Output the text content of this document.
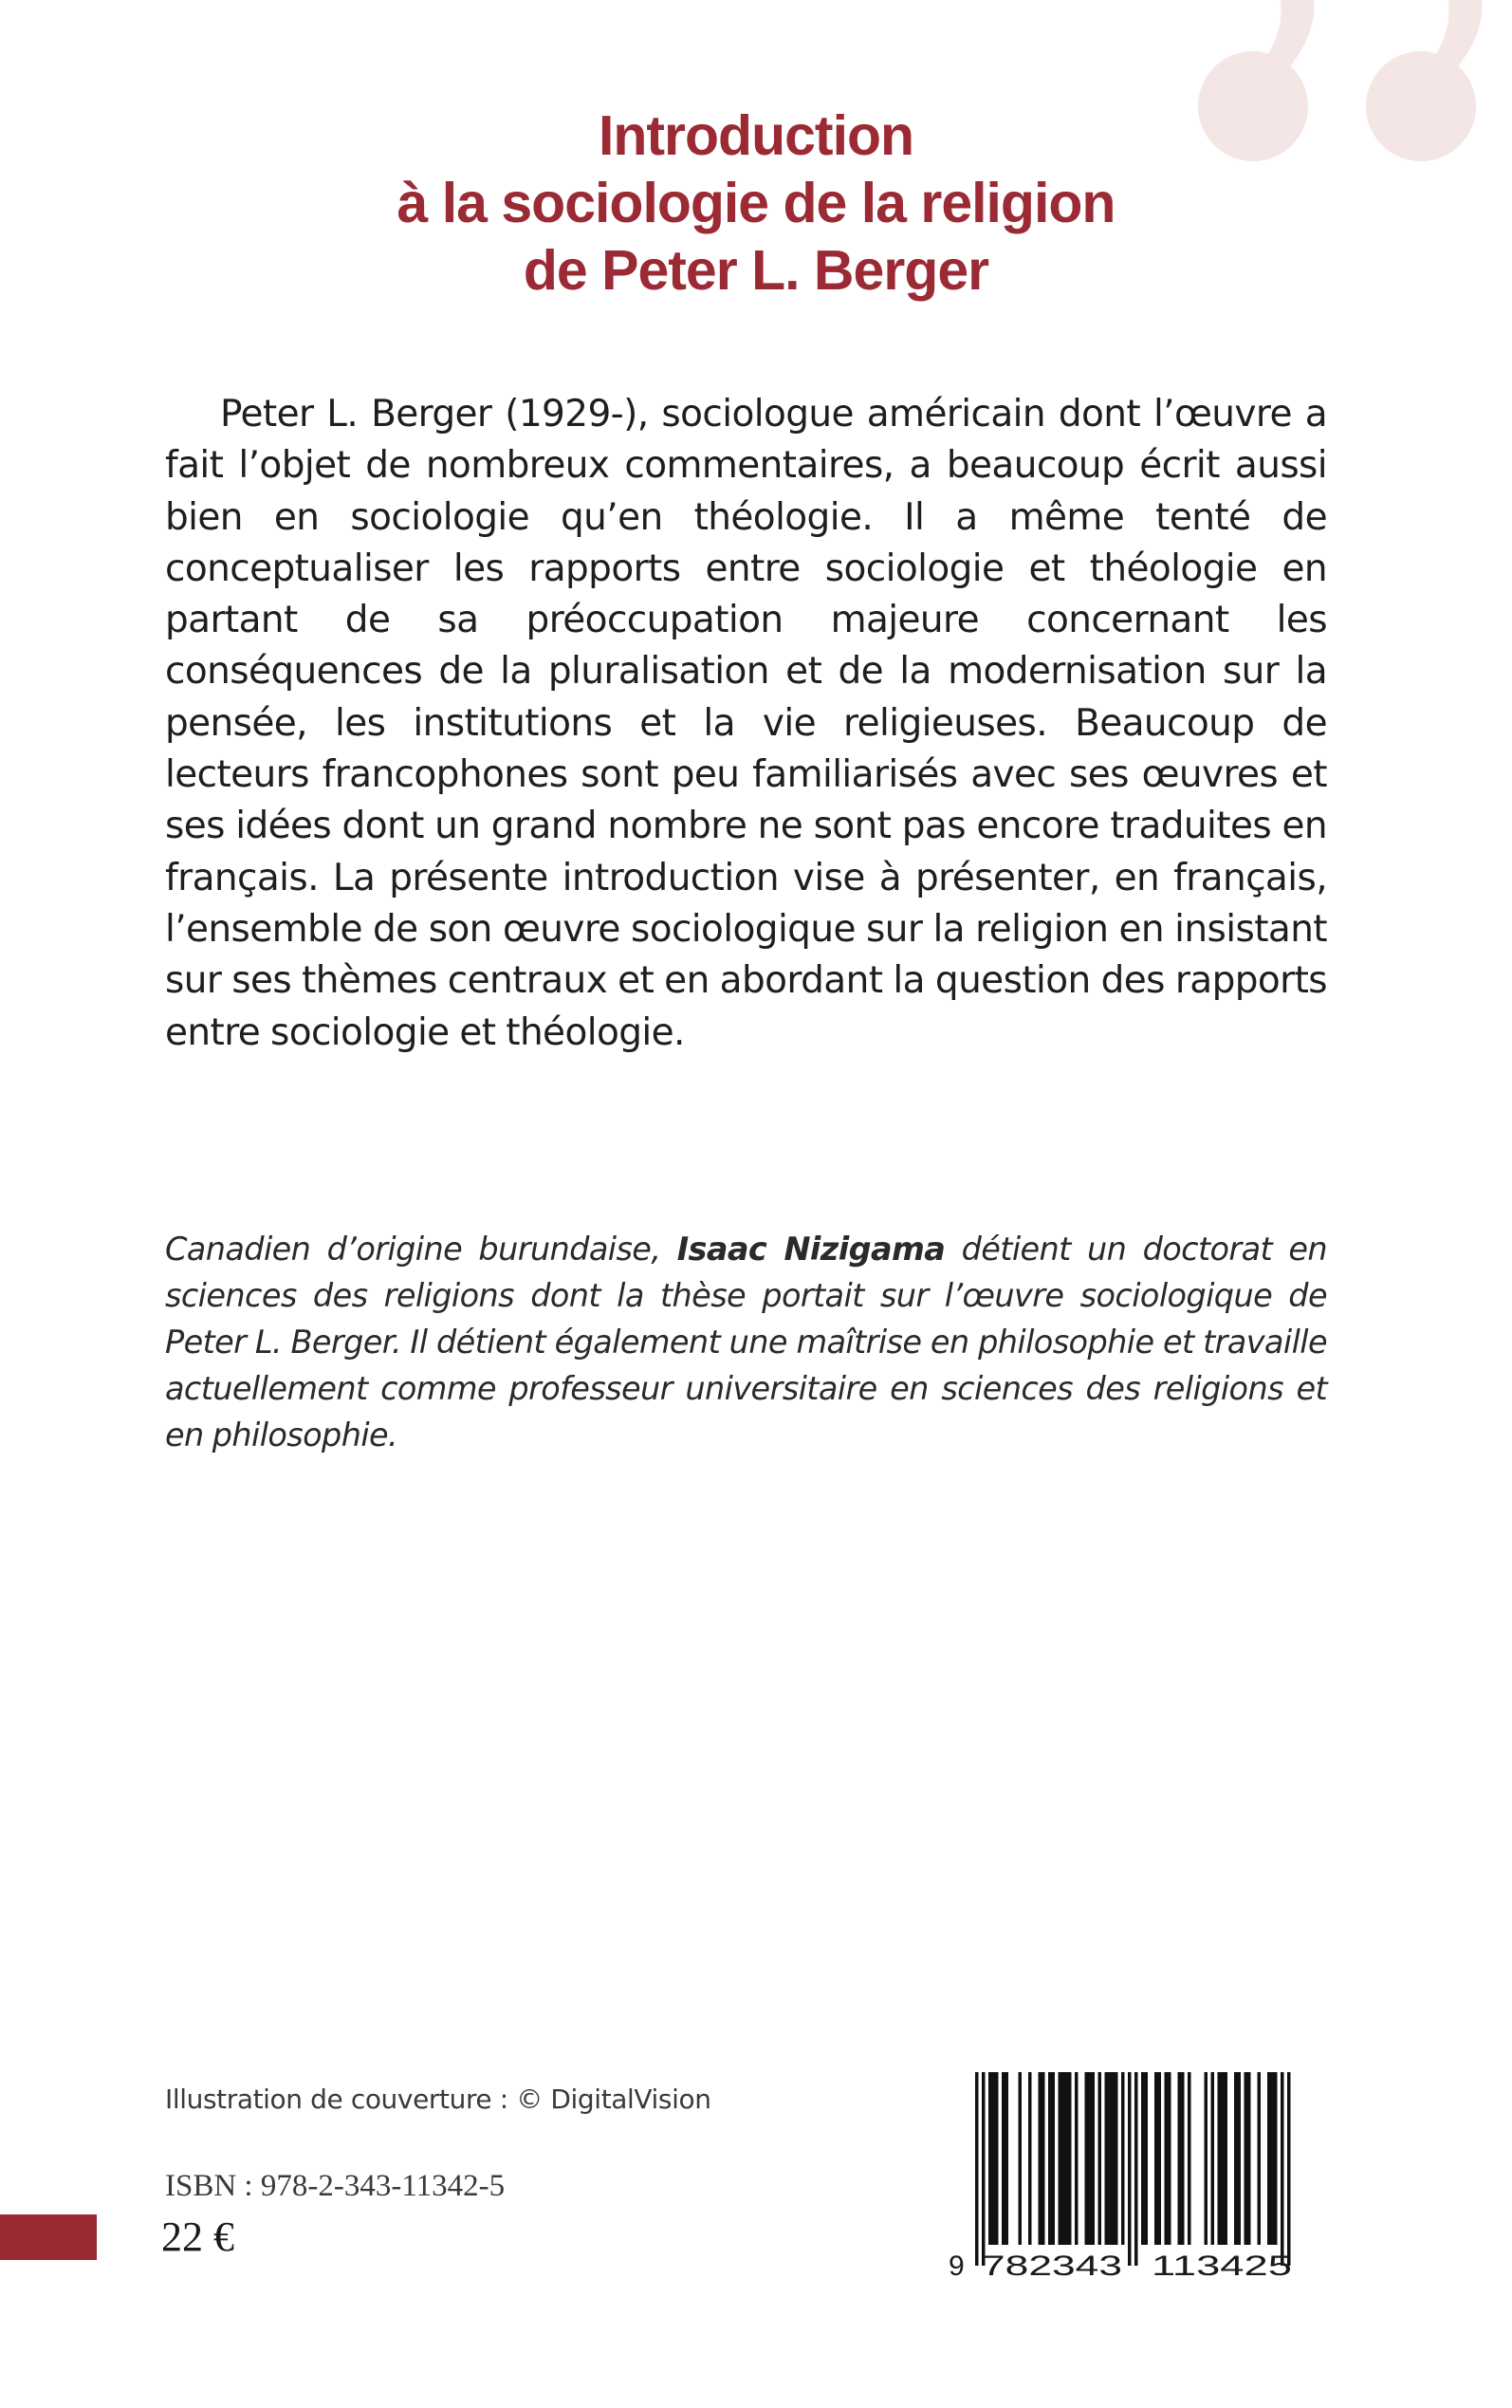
Introduction
à la sociologie de la religion
de Peter L. Berger
Peter L. Berger (1929-), sociologue américain dont l’œuvre a fait l’objet de nombreux commentaires, a beaucoup écrit aussi bien en sociologie qu’en théologie. Il a même tenté de conceptualiser les rapports entre sociologie et théologie en partant de sa préoccupation majeure concernant les conséquences de la pluralisation et de la modernisation sur la pensée, les institutions et la vie religieuses. Beaucoup de lecteurs francophones sont peu familiarisés avec ses œuvres et ses idées dont un grand nombre ne sont pas encore traduites en français. La présente introduction vise à présenter, en français, l’ensemble de son œuvre sociologique sur la religion en insistant sur ses thèmes centraux et en abordant la question des rapports entre sociologie et théologie.
Canadien d’origine burundaise, Isaac Nizigama détient un doctorat en sciences des religions dont la thèse portait sur l’œuvre sociologique de Peter L. Berger. Il détient également une maîtrise en philosophie et travaille actuellement comme professeur universitaire en sciences des religions et en philosophie.
Illustration de couverture : © DigitalVision
ISBN : 978-2-343-11342-5
22 €
9 782343 113425
